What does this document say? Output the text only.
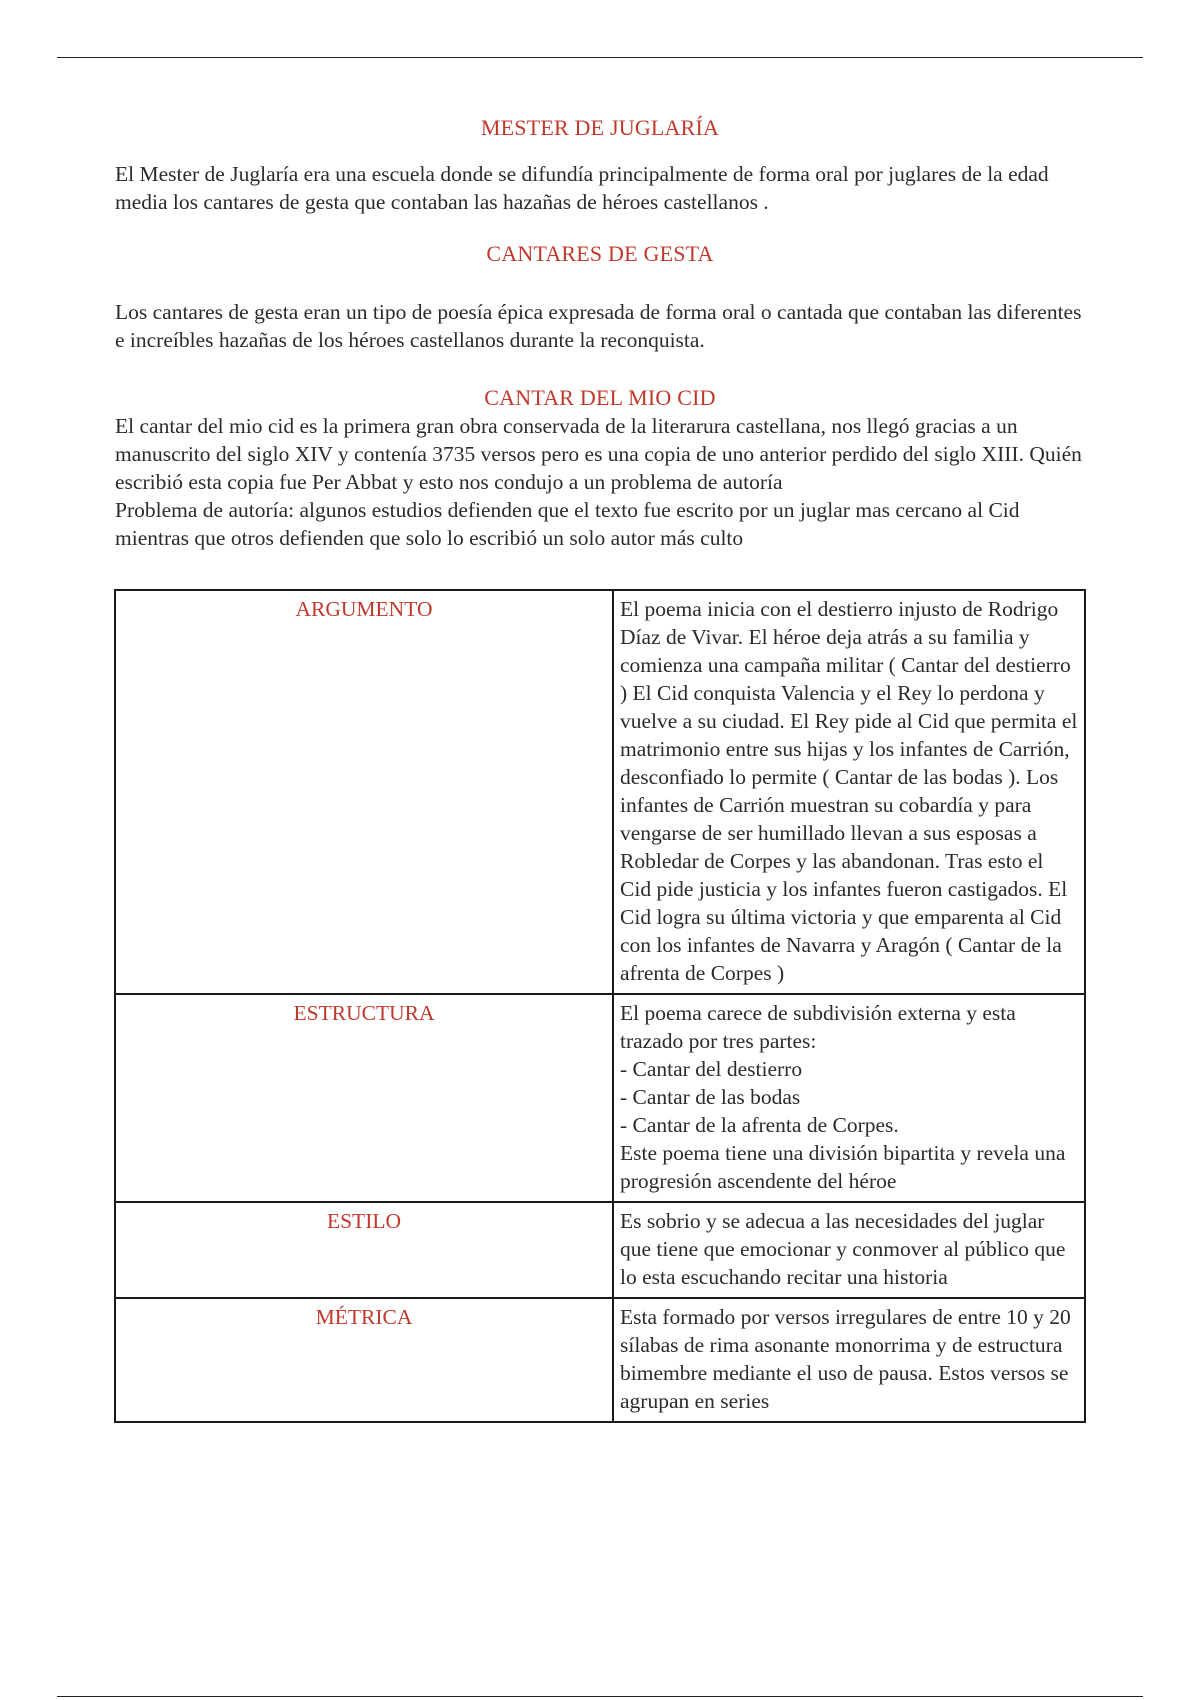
MESTER DE JUGLARÍA

El Mester de Juglaría era una escuela donde se difundía principalmente de forma oral por juglares de la edad media los cantares de gesta que contaban las hazañas de héroes castellanos .

CANTARES DE GESTA

Los cantares de gesta eran un tipo de poesía épica expresada de forma oral o cantada que contaban las diferentes e increíbles hazañas de los héroes castellanos durante la reconquista.

CANTAR DEL MIO CID

El cantar del mio cid es la primera gran obra conservada de la literarura castellana, nos llegó gracias a un manuscrito del siglo XIV y contenía 3735 versos pero es una copia de uno anterior perdido del siglo XIII. Quién escribió esta copia fue Per Abbat y esto nos condujo a un problema de autoría
Problema de autoría: algunos estudios defienden que el texto fue escrito por un juglar mas cercano al Cid mientras que otros defienden que solo lo escribió un solo autor más culto

ARGUMENTO	El poema inicia con el destierro injusto de Rodrigo Díaz de Vivar. El héroe deja atrás a su familia y comienza una campaña militar ( Cantar del destierro ) El Cid conquista Valencia y el Rey lo perdona y vuelve a su ciudad. El Rey pide al Cid que permita el matrimonio entre sus hijas y los infantes de Carrión, desconfiado lo permite ( Cantar de las bodas ). Los infantes de Carrión muestran su cobardía y para vengarse de ser humillado llevan a sus esposas a Robledar de Corpes y las abandonan. Tras esto el Cid pide justicia y los infantes fueron castigados. El Cid logra su última victoria y que emparenta al Cid con los infantes de Navarra y Aragón ( Cantar de la afrenta de Corpes )
ESTRUCTURA	El poema carece de subdivisión externa y esta trazado por tres partes:
- Cantar del destierro
- Cantar de las bodas
- Cantar de la afrenta de Corpes.
Este poema tiene una división bipartita y revela una progresión ascendente del héroe

ESTILO	Es sobrio y se adecua a las necesidades del juglar que tiene que emocionar y conmover al público que lo esta escuchando recitar una historia
MÉTRICA	Esta formado por versos irregulares de entre 10 y 20 sílabas de rima asonante monorrima y de estructura bimembre mediante el uso de pausa. Estos versos se agrupan en series
